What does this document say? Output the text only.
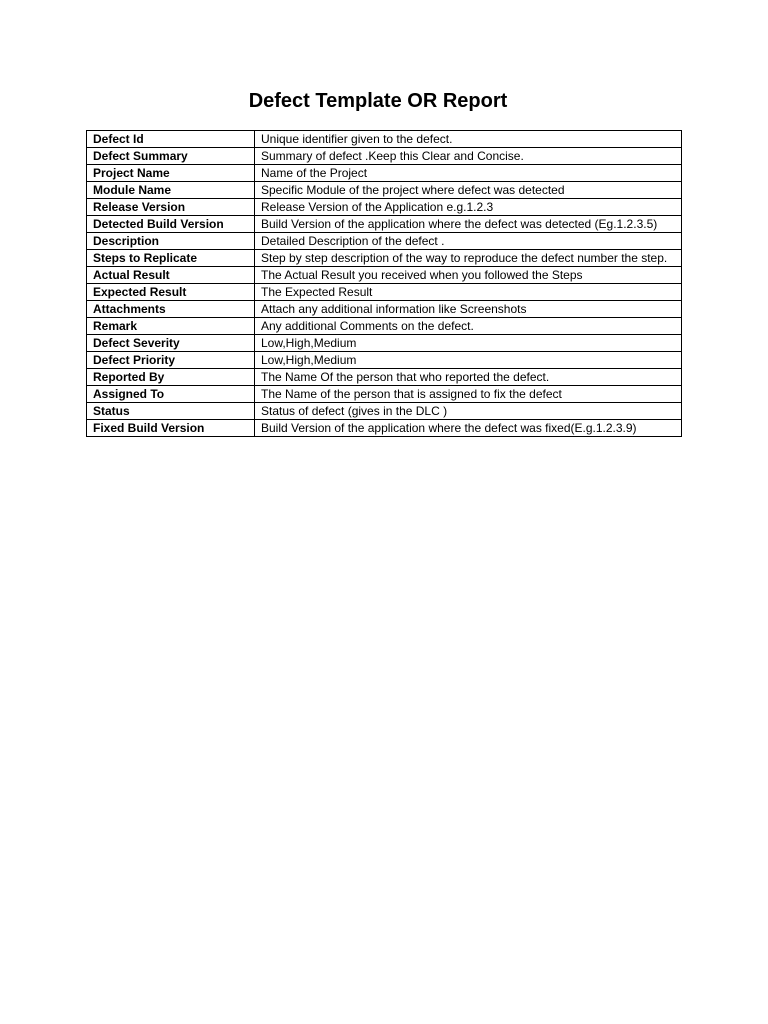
Defect Template OR Report
Defect Id	Unique identifier given to the defect.
Defect Summary	Summary of defect .Keep this Clear and Concise.
Project Name	Name of the Project
Module Name	Specific Module of the project where defect was detected
Release Version	Release Version of the Application e.g.1.2.3
Detected Build Version	Build Version of the application where the defect was detected (Eg.1.2.3.5)
Description	Detailed Description of the defect .
Steps to Replicate	Step by step description of the way to reproduce the defect number the step.
Actual Result	The Actual Result you received when you followed the Steps
Expected Result	The Expected Result
Attachments	Attach any additional information like Screenshots
Remark	Any additional Comments on the defect.
Defect Severity	Low,High,Medium
Defect Priority	Low,High,Medium
Reported By	The Name Of the person that who reported the defect.
Assigned To	The Name of the person that is assigned to fix the defect
Status	Status of defect (gives in the DLC )
Fixed Build Version	Build Version of the application where the defect was fixed(E.g.1.2.3.9)
